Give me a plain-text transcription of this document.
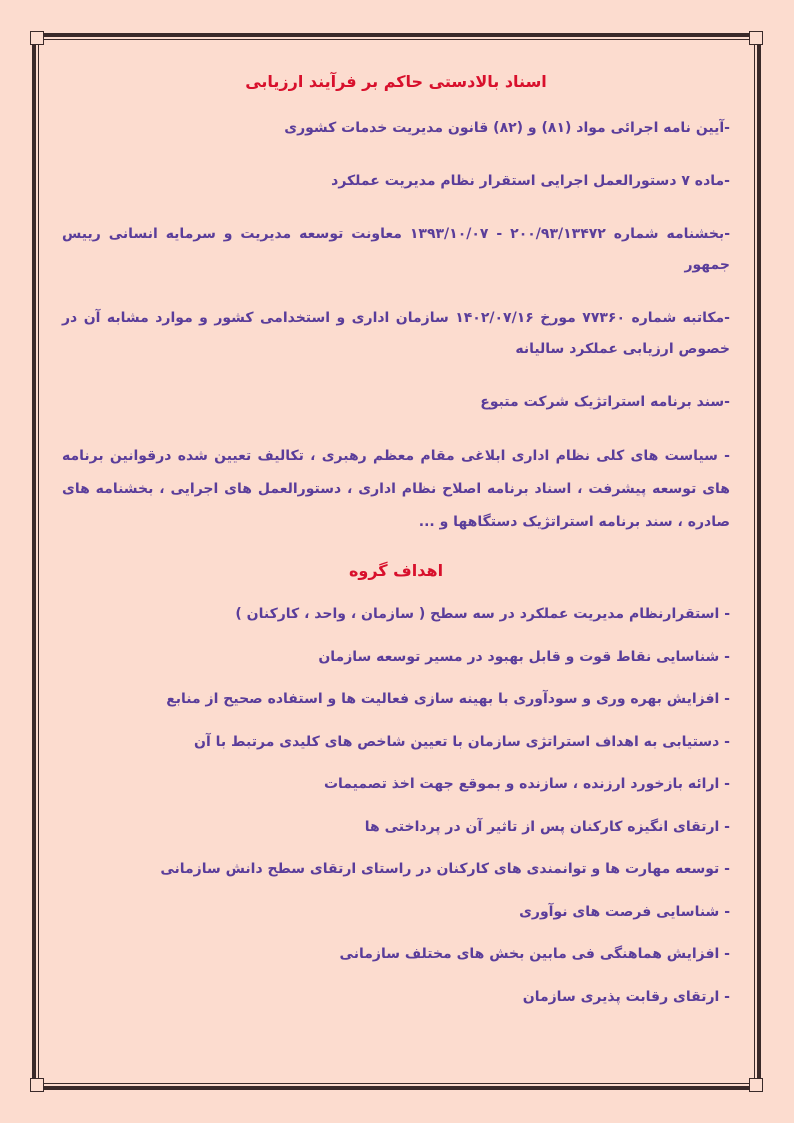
اسناد بالادستی حاکم بر فرآیند ارزیابی

-آیین نامه اجرائی مواد (۸۱) و (۸۲) قانون مدیریت خدمات کشوری

-ماده ۷ دستورالعمل اجرایی استقرار نظام مدیریت عملکرد

-بخشنامه شماره ۲۰۰/۹۳/۱۳۴۷۲ - ۱۳۹۳/۱۰/۰۷ معاونت توسعه مدیریت و سرمایه انسانی رییس جمهور

-مکاتبه شماره ۷۷۳۶۰ مورخ ۱۴۰۲/۰۷/۱۶ سازمان اداری و استخدامی کشور و موارد مشابه آن در خصوص ارزیابی عملکرد سالیانه

-سند برنامه استراتژیک شرکت متبوع

- سیاست های کلی نظام اداری ابلاغی مقام معظم رهبری ، تکالیف تعیین شده درقوانین برنامه های توسعه پیشرفت ، اسناد برنامه اصلاح نظام اداری ، دستورالعمل های اجرایی ، بخشنامه های صادره ، سند برنامه استراتژیک دستگاهها و ...

اهداف گروه
- استقرارنظام مدیریت عملکرد در سه سطح ( سازمان ، واحد ، کارکنان )
- شناسایی نقاط قوت و قابل بهبود در مسیر توسعه سازمان
- افزایش بهره وری و سودآوری با بهینه سازی فعالیت ها و استفاده صحیح از منابع
- دستیابی به اهداف استراتژی سازمان با تعیین شاخص های کلیدی مرتبط با آن
- ارائه بازخورد ارزنده ، سازنده و بموقع جهت اخذ تصمیمات
- ارتقای انگیزه کارکنان پس از تاثیر آن در پرداختی ها
- توسعه مهارت ها و توانمندی های کارکنان در راستای ارتقای سطح دانش سازمانی
- شناسایی فرصت های نوآوری
- افزایش هماهنگی فی مابین بخش های مختلف سازمانی
- ارتقای رقابت پذیری سازمان
